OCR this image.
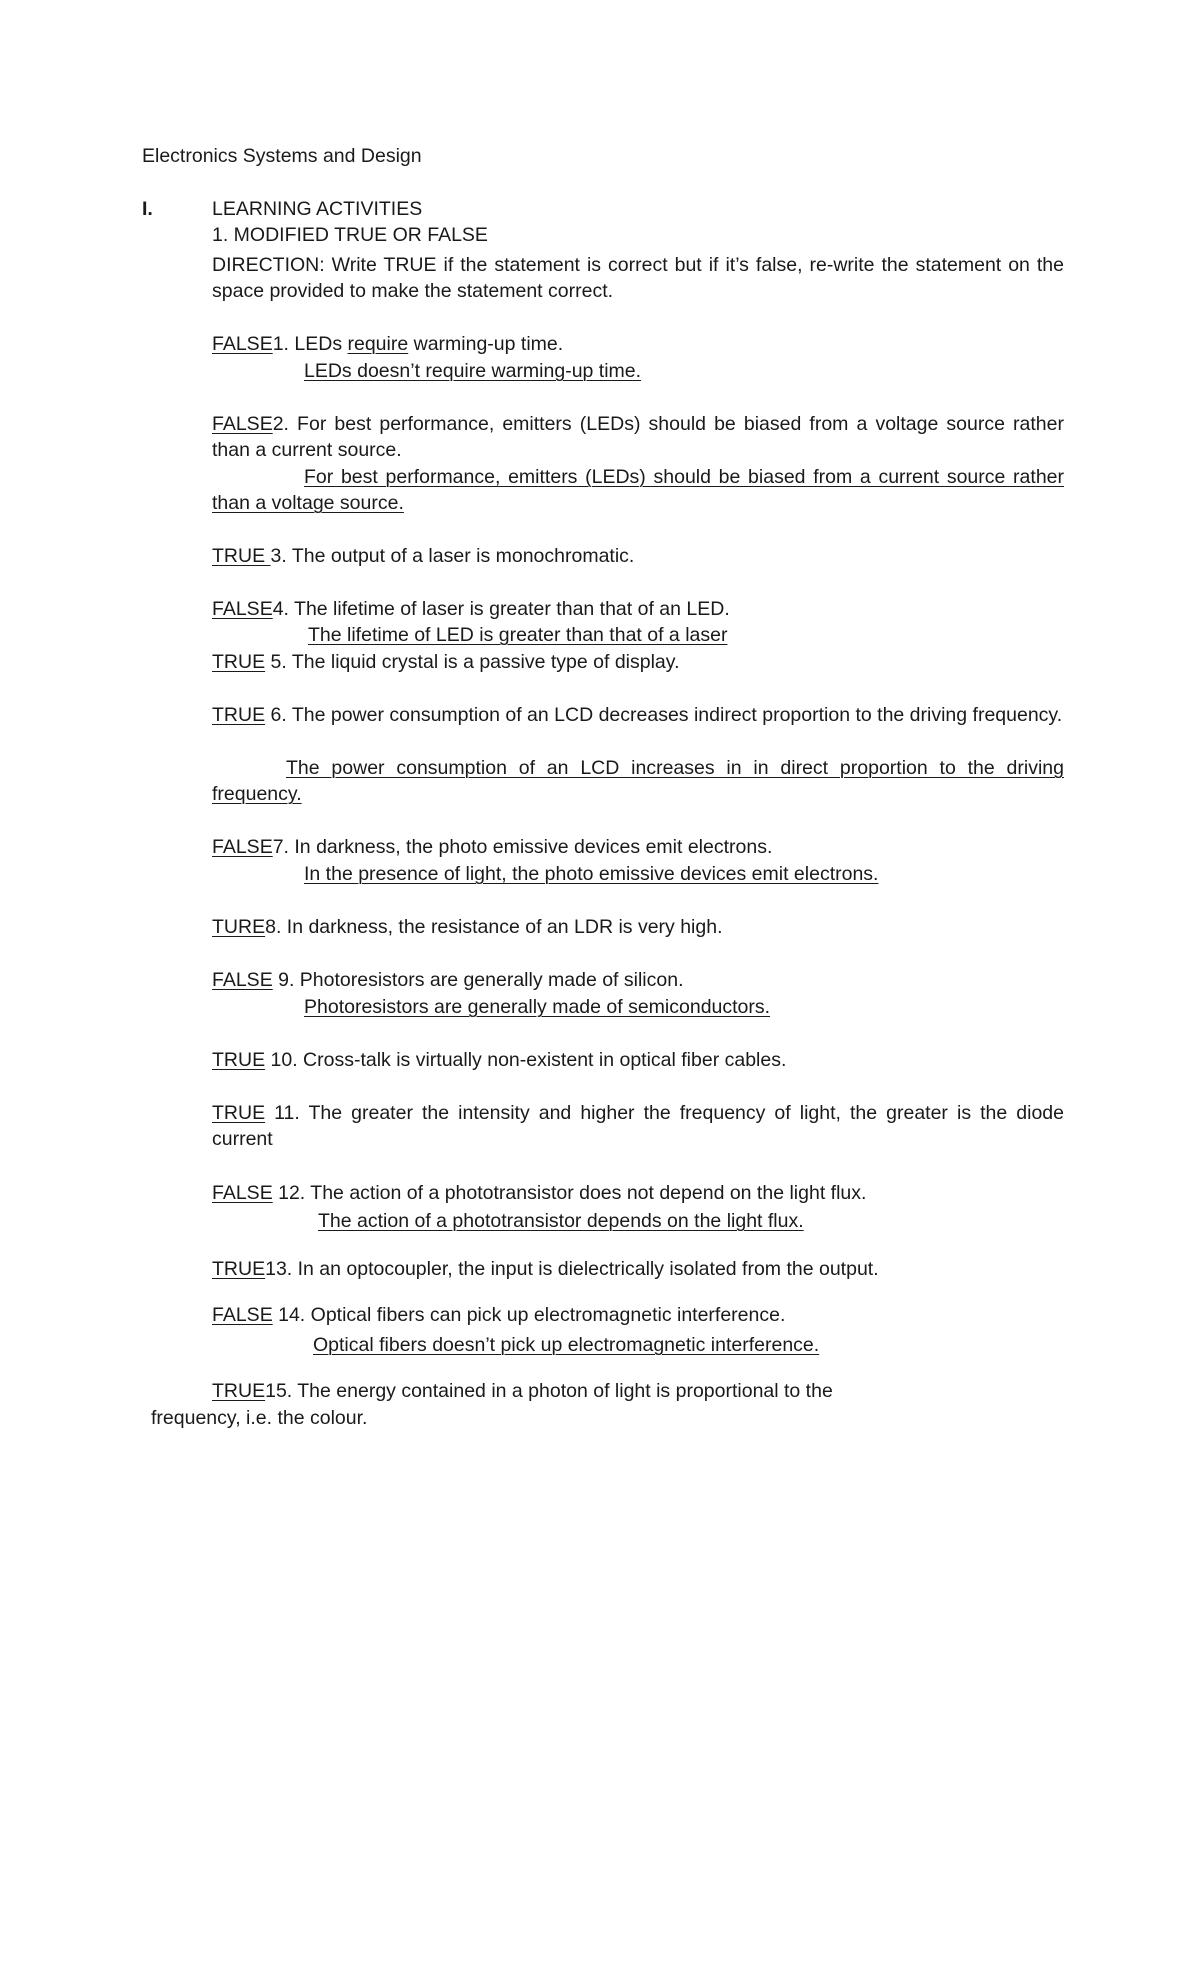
Electronics Systems and Design
I.	LEARNING ACTIVITIES
1. MODIFIED TRUE OR FALSE
DIRECTION: Write TRUE if the statement is correct but if it’s false, re-write the statement on the space provided to make the statement correct.
FALSE1. LEDs require warming-up time.
LEDs doesn’t require warming-up time.
FALSE2. For best performance, emitters (LEDs) should be biased from a voltage source rather than a current source.
For best performance, emitters (LEDs) should be biased from a current source rather than a voltage source.
TRUE 3. The output of a laser is monochromatic.
FALSE4. The lifetime of laser is greater than that of an LED.
The lifetime of LED is greater than that of a laser
TRUE 5. The liquid crystal is a passive type of display.
TRUE 6. The power consumption of an LCD decreases indirect proportion to the driving frequency.
The power consumption of an LCD increases in in direct proportion to the driving frequency.
FALSE7. In darkness, the photo emissive devices emit electrons.
In the presence of light, the photo emissive devices emit electrons.
TURE8. In darkness, the resistance of an LDR is very high.
FALSE 9. Photoresistors are generally made of silicon.
Photoresistors are generally made of semiconductors.
TRUE 10. Cross-talk is virtually non-existent in optical fiber cables.
TRUE 11. The greater the intensity and higher the frequency of light, the greater is the diode current
FALSE 12. The action of a phototransistor does not depend on the light flux.
The action of a phototransistor depends on the light flux.
TRUE13. In an optocoupler, the input is dielectrically isolated from the output.
FALSE 14. Optical fibers can pick up electromagnetic interference.
Optical fibers doesn’t pick up electromagnetic interference.
TRUE15. The energy contained in a photon of light is proportional to the
frequency, i.e. the colour.
